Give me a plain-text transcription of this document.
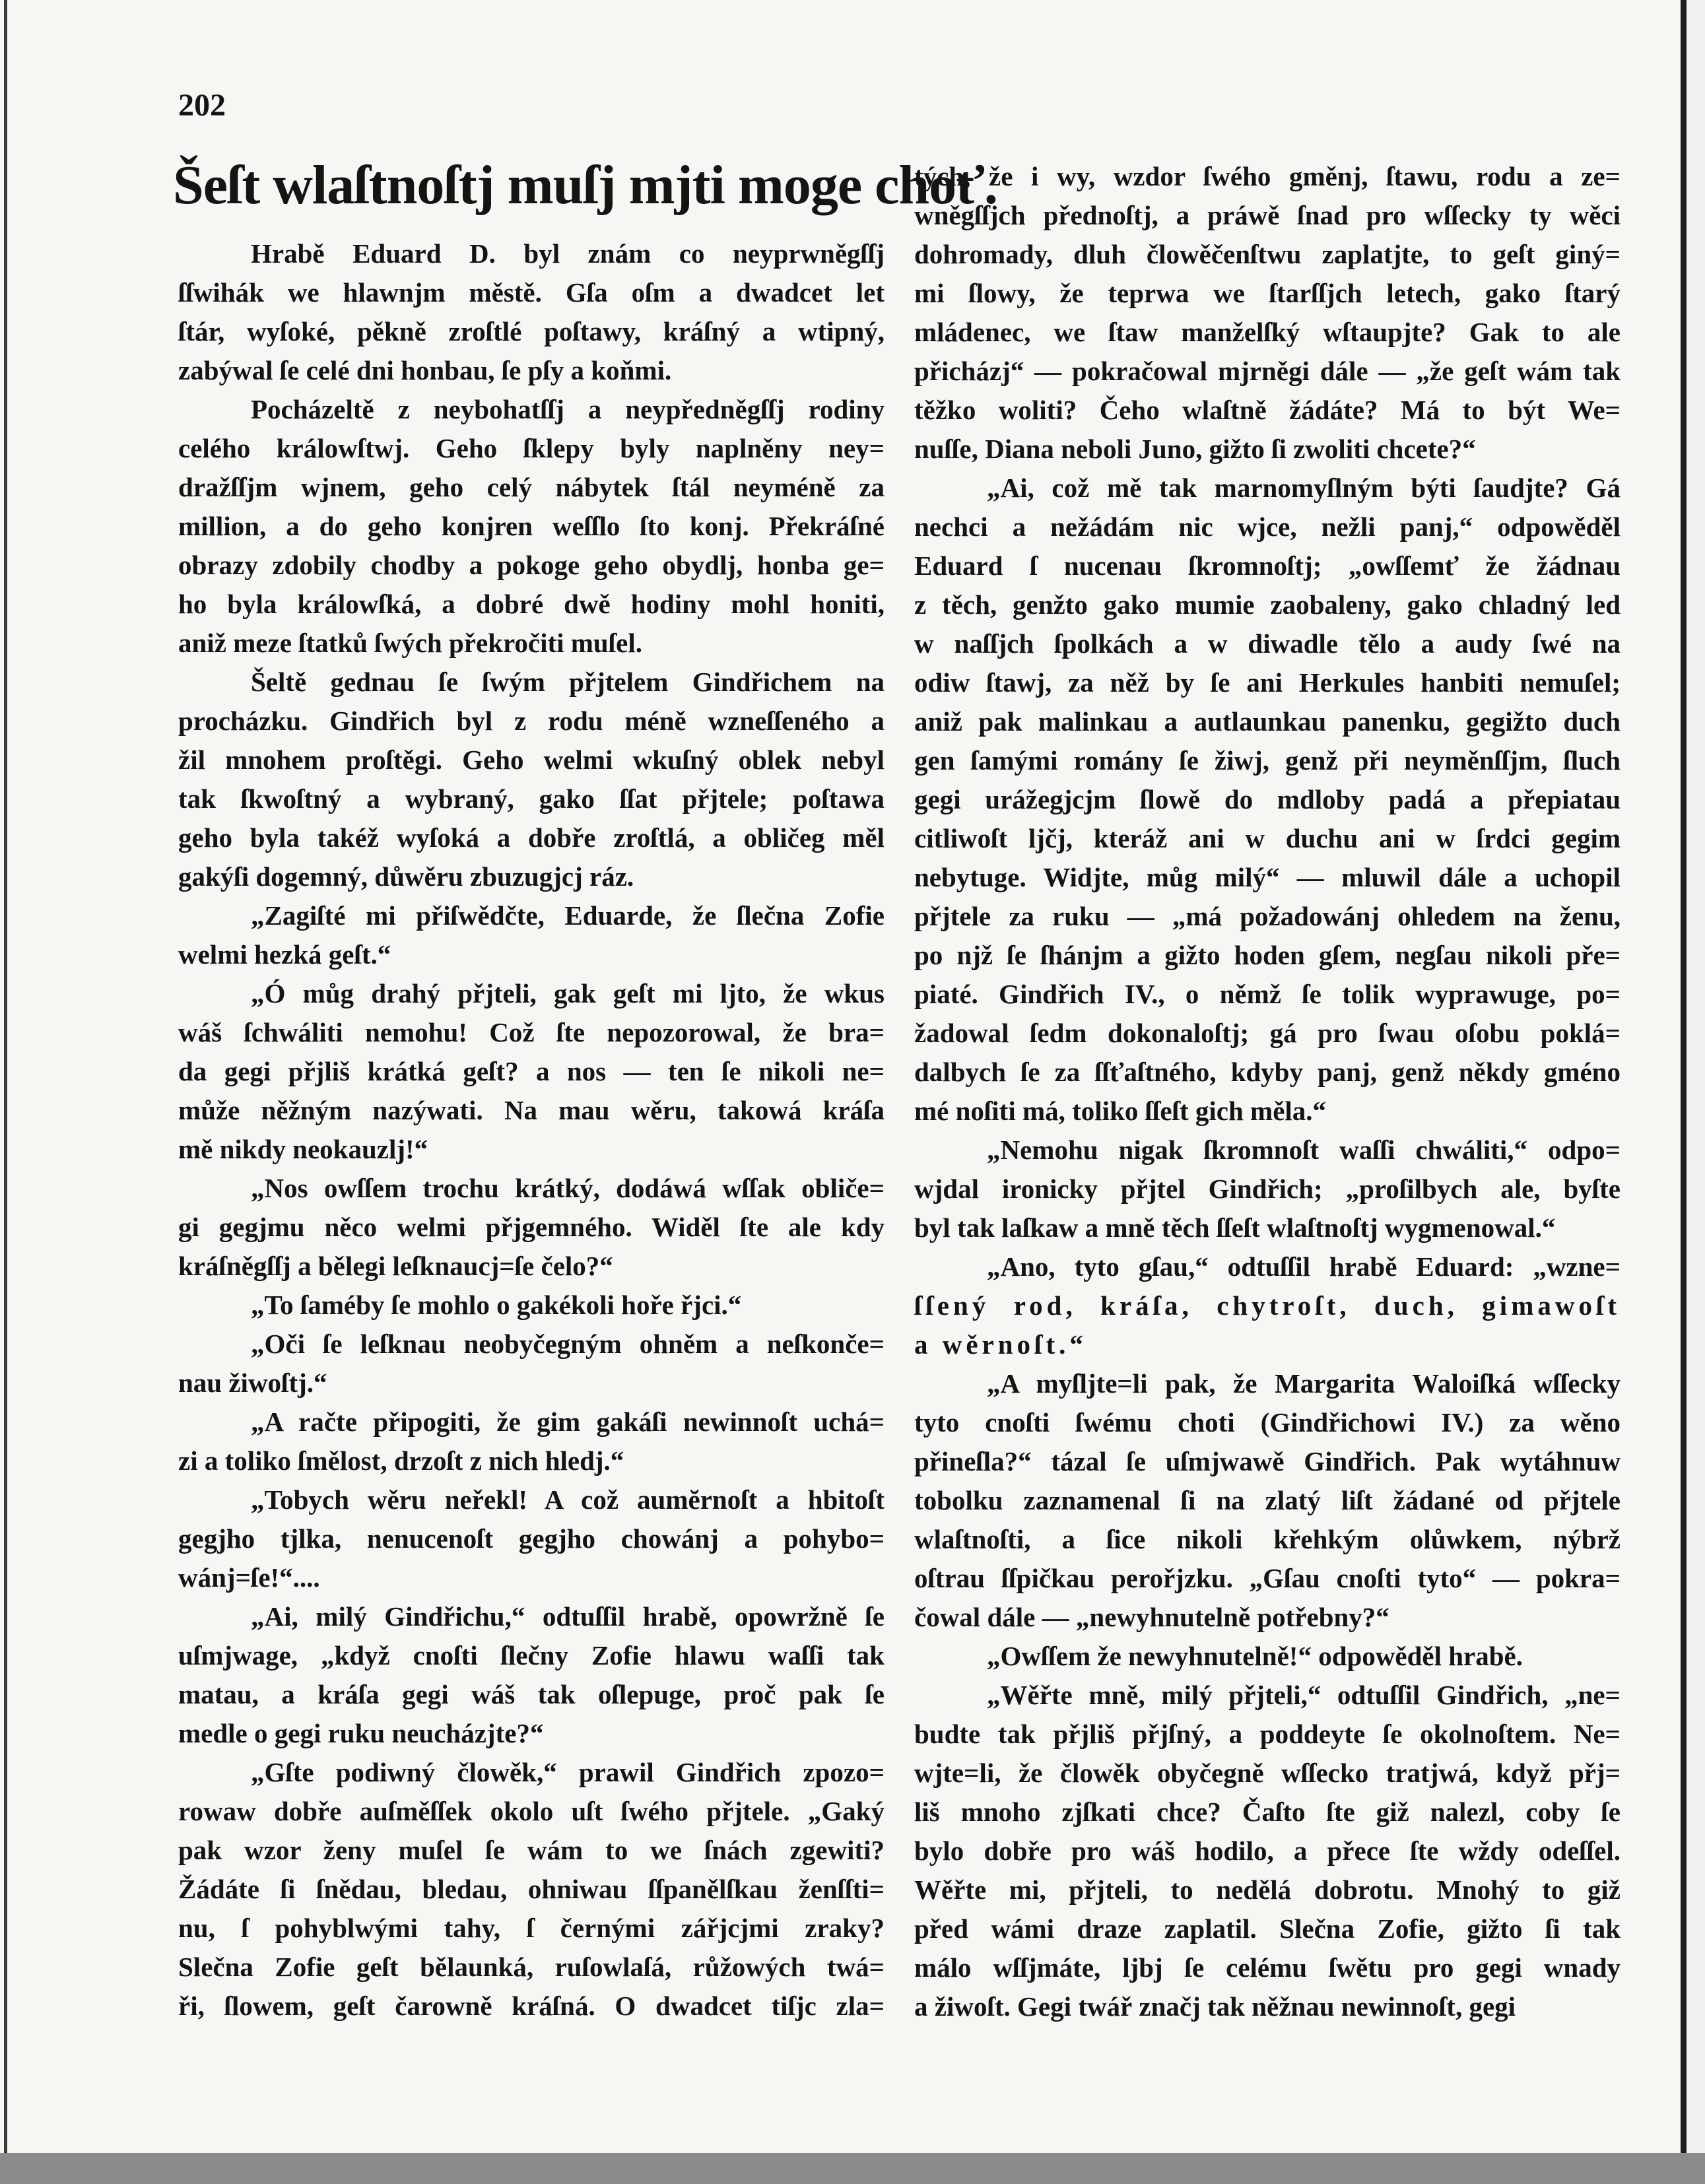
202
Šeſt wlaſtnoſtj muſj mjti moge choť.
Hrabě Eduard D. byl znám co neyprwněgſſj
ſſwihák we hlawnjm městě. Gſa oſm a dwadcet let
ſtár, wyſoké, pěkně zroſtlé poſtawy, kráſný a wtipný,
zabýwal ſe celé dni honbau, ſe pſy a koňmi.
Pocházeltě z neybohatſſj a neypředněgſſj rodiny
celého králowſtwj. Geho ſklepy byly naplněny ney=
dražſſjm wjnem, geho celý nábytek ſtál neyméně za
million, a do geho konjren weſſlo ſto konj. Překráſné
obrazy zdobily chodby a pokoge geho obydlj, honba ge=
ho byla králowſká, a dobré dwě hodiny mohl honiti,
aniž meze ſtatků ſwých překročiti muſel.
Šeltě gednau ſe ſwým přjtelem Gindřichem na
procházku. Gindřich byl z rodu méně wzneſſeného a
žil mnohem proſtěgi. Geho welmi wkuſný oblek nebyl
tak ſkwoſtný a wybraný, gako ſſat přjtele; poſtawa
geho byla takéž wyſoká a dobře zroſtlá, a obličeg měl
gakýſi dogemný, důwěru zbuzugjcj ráz.
„Zagiſté mi přiſwědčte, Eduarde, že ſlečna Zofie
welmi hezká geſt.“
„Ó můg drahý přjteli, gak geſt mi ljto, že wkus
wáš ſchwáliti nemohu! Což ſte nepozorowal, že bra=
da gegi přjliš krátká geſt? a nos — ten ſe nikoli ne=
může něžným nazýwati. Na mau wěru, takowá kráſa
mě nikdy neokauzlj!“
„Nos owſſem trochu krátký, dodáwá wſſak obliče=
gi gegjmu něco welmi přjgemného. Widěl ſte ale kdy
kráſněgſſj a bělegi leſknaucj=ſe čelo?“
„To ſaméby ſe mohlo o gakékoli hoře řjci.“
„Oči ſe leſknau neobyčegným ohněm a neſkonče=
nau žiwoſtj.“
„A račte připogiti, že gim gakáſi newinnoſt uchá=
zi a toliko ſmělost, drzoſt z nich hledj.“
„Tobych wěru neřekl! A což aumĕrnoſt a hbitoſt
gegjho tjlka, nenucenoſt gegjho chowánj a pohybo=
wánj=ſe!“....
„Ai, milý Gindřichu,“ odtuſſil hrabě, opowržně ſe
uſmjwage, „když cnoſti ſlečny Zofie hlawu waſſi tak
matau, a kráſa gegi wáš tak oſlepuge, proč pak ſe
medle o gegi ruku neucházjte?“
„Gſte podiwný člowěk,“ prawil Gindřich zpozo=
rowaw dobře auſměſſek okolo uſt ſwého přjtele. „Gaký
pak wzor ženy muſel ſe wám to we ſnách zgewiti?
Žádáte ſi ſnědau, bledau, ohniwau ſſpanělſkau ženſſti=
nu, ſ pohyblwými tahy, ſ černými zářjcjmi zraky?
Slečna Zofie geſt bělaunká, ruſowlaſá, růžowých twá=
ři, ſlowem, geſt čarowně kráſná. O dwadcet tiſjc zla=
tých, že i wy, wzdor ſwého gměnj, ſtawu, rodu a ze=
wněgſſjch přednoſtj, a práwě ſnad pro wſſecky ty wěci
dohromady, dluh člowěčenſtwu zaplatjte, to geſt giný=
mi ſlowy, že teprwa we ſtarſſjch letech, gako ſtarý
mládenec, we ſtaw manželſký wſtaupjte? Gak to ale
přicházj“ — pokračowal mjrněgi dále — „že geſt wám tak
těžko woliti? Čeho wlaſtně žádáte? Má to být We=
nuſſe, Diana neboli Juno, gižto ſi zwoliti chcete?“
„Ai, což mě tak marnomyſlným býti ſaudjte? Gá
nechci a nežádám nic wjce, nežli panj,“ odpowěděl
Eduard ſ nucenau ſkromnoſtj; „owſſemť že žádnau
z těch, genžto gako mumie zaobaleny, gako chladný led
w naſſjch ſpolkách a w diwadle tělo a audy ſwé na
odiw ſtawj, za něž by ſe ani Herkules hanbiti nemuſel;
aniž pak malinkau a autlaunkau panenku, gegižto duch
gen ſamými romány ſe žiwj, genž při neyměnſſjm, ſluch
gegi urážegjcjm ſlowě do mdloby padá a přepiatau
citliwoſt ljčj, kteráž ani w duchu ani w ſrdci gegim
nebytuge. Widjte, můg milý“ — mluwil dále a uchopil
přjtele za ruku — „má požadowánj ohledem na ženu,
po njž ſe ſhánjm a gižto hoden gſem, negſau nikoli pře=
piaté. Gindřich IV., o němž ſe tolik wyprawuge, po=
žadowal ſedm dokonaloſtj; gá pro ſwau oſobu poklá=
dalbych ſe za ſſťaſtného, kdyby panj, genž někdy gméno
mé noſiti má, toliko ſſeſt gich měla.“
„Nemohu nigak ſkromnoſt waſſi chwáliti,“ odpo=
wjdal ironicky přjtel Gindřich; „proſilbych ale, byſte
byl tak laſkaw a mně těch ſſeſt wlaſtnoſtj wygmenowal.“
„Ano, tyto gſau,“ odtuſſil hrabě Eduard: „wzne=
ſſený rod, kráſa, chytroſt, duch, gimawoſt
a wěrnoſt.“
„A myſljte=li pak, že Margarita Waloiſká wſſecky
tyto cnoſti ſwému choti (Gindřichowi IV.) za wěno
přineſla?“ tázal ſe uſmjwawě Gindřich. Pak wytáhnuw
tobolku zaznamenal ſi na zlatý liſt žádané od přjtele
wlaſtnoſti, a ſice nikoli křehkým olůwkem, nýbrž
oſtrau ſſpičkau perořjzku. „Gſau cnoſti tyto“ — pokra=
čowal dále — „newyhnutelně potřebny?“
„Owſſem že newyhnutelně!“ odpowěděl hrabě.
„Wěřte mně, milý přjteli,“ odtuſſil Gindřich, „ne=
budte tak přjliš přjſný, a poddeyte ſe okolnoſtem. Ne=
wjte=li, že člowěk obyčegně wſſecko tratjwá, když přj=
liš mnoho zjſkati chce? Čaſto ſte giž nalezl, coby ſe
bylo dobře pro wáš hodilo, a přece ſte wždy odeſſel.
Wěřte mi, přjteli, to nedělá dobrotu. Mnohý to giž
před wámi draze zaplatil. Slečna Zofie, gižto ſi tak
málo wſſjmáte, ljbj ſe celému ſwětu pro gegi wnady
a žiwoſt. Gegi twář značj tak něžnau newinnoſt, gegi
